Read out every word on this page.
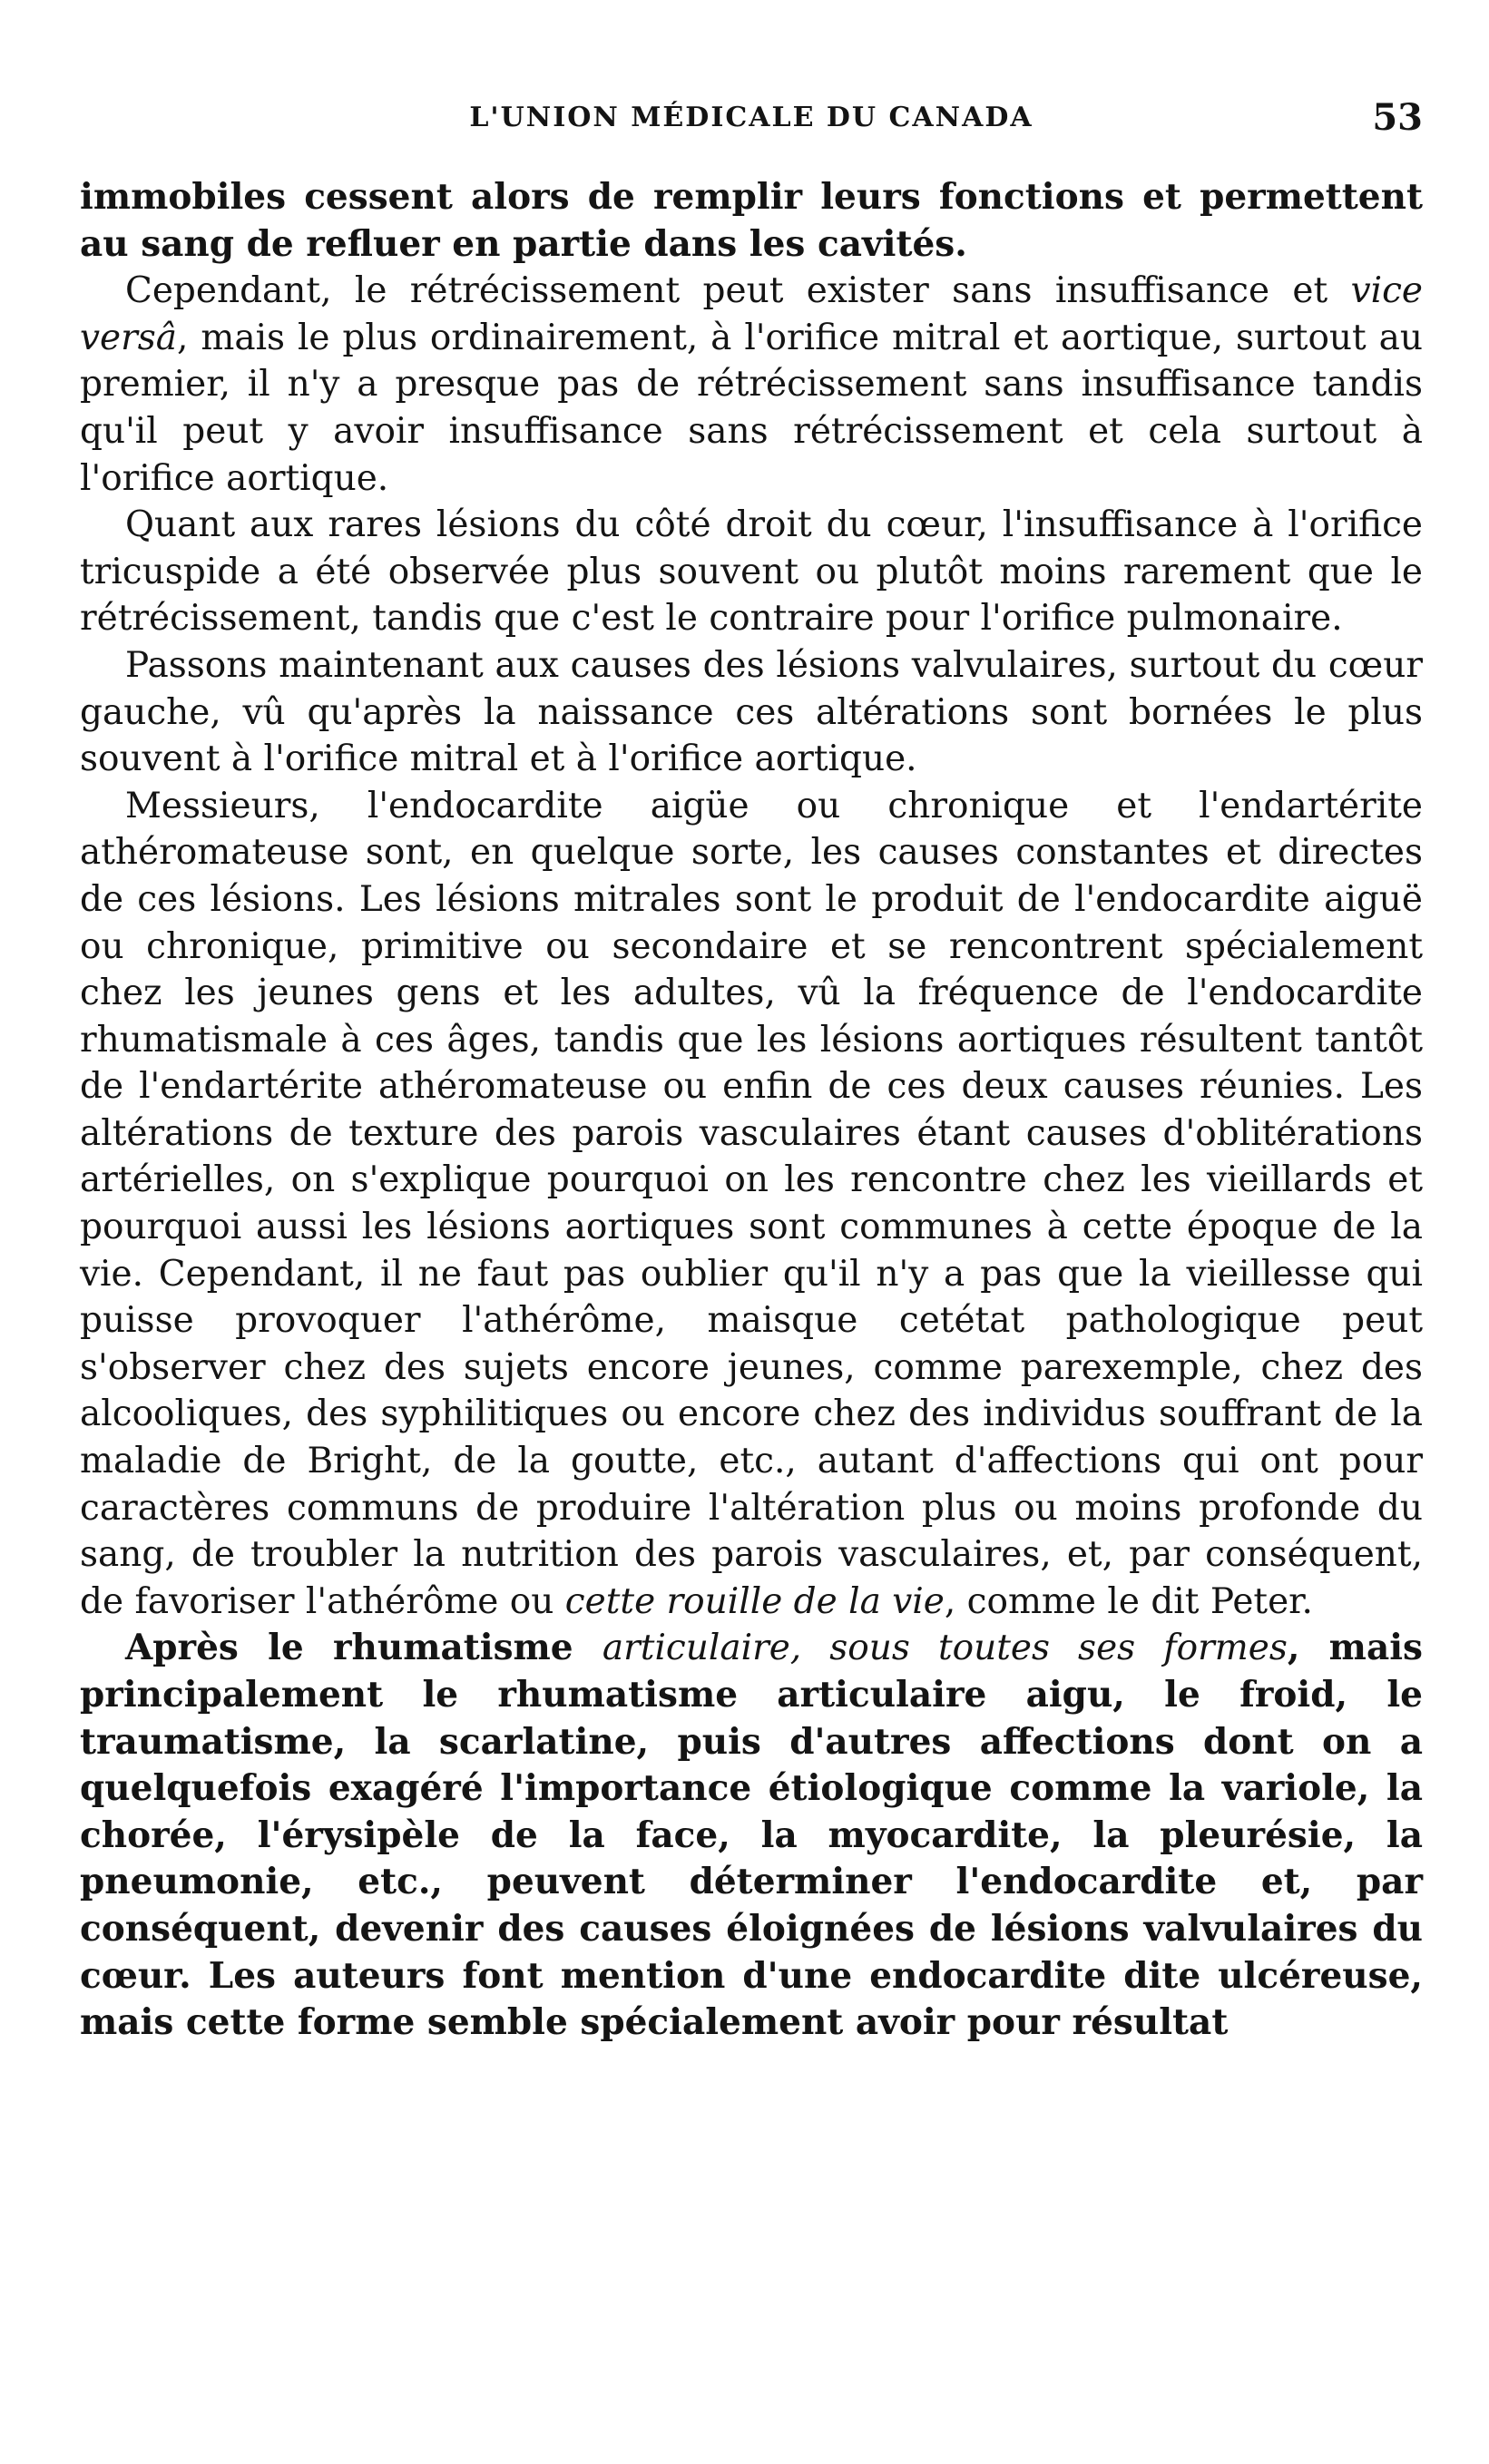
L'UNION MÉDICALE DU CANADA	53

immobiles cessent alors de remplir leurs fonctions et permettent au sang de refluer en partie dans les cavités.

Cependant, le rétrécissement peut exister sans insuffisance et vice versâ, mais le plus ordinairement, à l'orifice mitral et aortique, surtout au premier, il n'y a presque pas de rétrécissement sans insuffisance tandis qu'il peut y avoir insuffisance sans rétrécissement et cela surtout à l'orifice aortique.

Quant aux rares lésions du côté droit du cœur, l'insuffisance à l'orifice tricuspide a été observée plus souvent ou plutôt moins rarement que le rétrécissement, tandis que c'est le contraire pour l'orifice pulmonaire.

Passons maintenant aux causes des lésions valvulaires, surtout du cœur gauche, vû qu'après la naissance ces altérations sont bornées le plus souvent à l'orifice mitral et à l'orifice aortique.

Messieurs, l'endocardite aigüe ou chronique et l'endartérite athéromateuse sont, en quelque sorte, les causes constantes et directes de ces lésions. Les lésions mitrales sont le produit de l'endocardite aiguë ou chronique, primitive ou secondaire et se rencontrent spécialement chez les jeunes gens et les adultes, vû la fréquence de l'endocardite rhumatismale à ces âges, tandis que les lésions aortiques résultent tantôt de l'endartérite athéromateuse ou enfin de ces deux causes réunies. Les altérations de texture des parois vasculaires étant causes d'oblitérations artérielles, on s'explique pourquoi on les rencontre chez les vieillards et pourquoi aussi les lésions aortiques sont communes à cette époque de la vie. Cependant, il ne faut pas oublier qu'il n'y a pas que la vieillesse qui puisse provoquer l'athérôme, maisque cetétat pathologique peut s'observer chez des sujets encore jeunes, comme parexemple, chez des alcooliques, des syphilitiques ou encore chez des individus souffrant de la maladie de Bright, de la goutte, etc., autant d'affections qui ont pour caractères communs de produire l'altération plus ou moins profonde du sang, de troubler la nutrition des parois vasculaires, et, par conséquent, de favoriser l'athérôme ou cette rouille de la vie, comme le dit Peter.

Après le rhumatisme articulaire, sous toutes ses formes, mais principalement le rhumatisme articulaire aigu, le froid, le traumatisme, la scarlatine, puis d'autres affections dont on a quelquefois exagéré l'importance étiologique comme la variole, la chorée, l'érysipèle de la face, la myocardite, la pleurésie, la pneumonie, etc., peuvent déterminer l'endocardite et, par conséquent, devenir des causes éloignées de lésions valvulaires du cœur. Les auteurs font mention d'une endocardite dite ulcéreuse, mais cette forme semble spécialement avoir pour résultat
